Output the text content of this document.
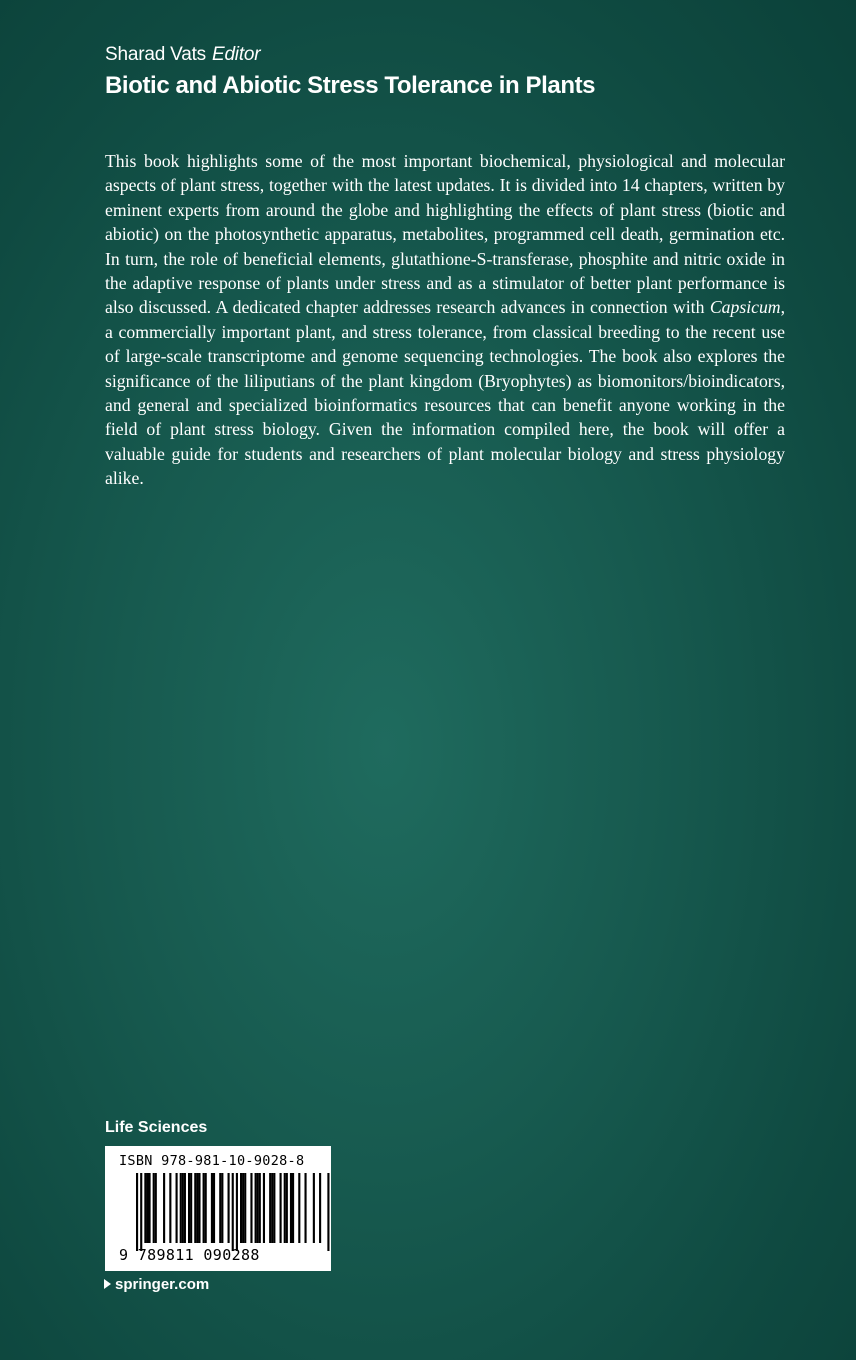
Sharad Vats Editor
Biotic and Abiotic Stress Tolerance in Plants

This book highlights some of the most important biochemical, physiological and molecular aspects of plant stress, together with the latest updates. It is divided into 14 chapters, written by eminent experts from around the globe and highlighting the effects of plant stress (biotic and abiotic) on the photosynthetic apparatus, metabolites, programmed cell death, germination etc. In turn, the role of beneficial elements, glutathione-S-transferase, phosphite and nitric oxide in the adaptive response of plants under stress and as a stimulator of better plant performance is also discussed. A dedicated chapter addresses research advances in connection with Capsicum, a commercially important plant, and stress tolerance, from classical breeding to the recent use of large-scale transcriptome and genome sequencing technologies. The book also explores the significance of the liliputians of the plant kingdom (Bryophytes) as biomonitors/bioindicators, and general and specialized bioinformatics resources that can benefit anyone working in the field of plant stress biology. Given the information compiled here, the book will offer a valuable guide for students and researchers of plant molecular biology and stress physiology alike.

Life Sciences
ISBN 978-981-10-9028-8
9 789811 090288
springer.com
